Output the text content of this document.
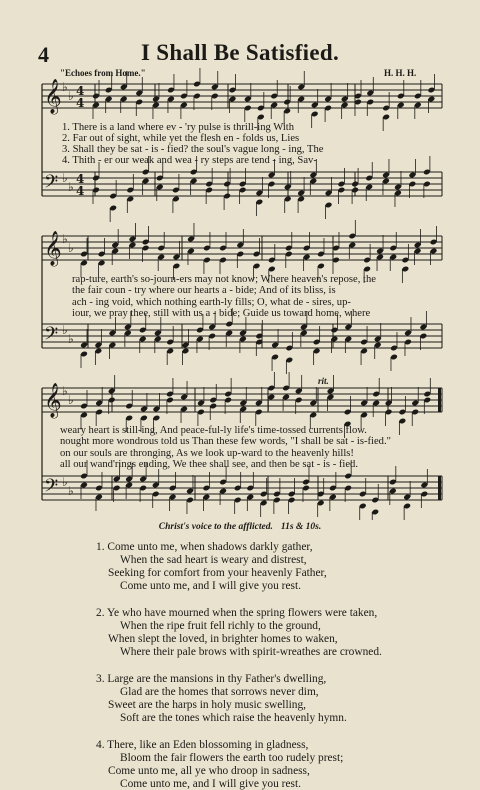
4	I Shall Be Satisfied.
"Echoes from Home."	H. H. H.
𝄞 ♭
♭ 4
4
𝄢 ♭
♭
4
4
𝄞 ♭
♭
𝄢 ♭
♭
𝄞 ♭
♭
𝄢 ♭
♭
1. There is a land where ev - 'ry pulse is thrill-ing With
2. Far out of sight, while yet the flesh en - folds us, Lies
3. Shall they be sat - is - fied? the soul's vague long - ing, The
4. Thith - er our weak and wea - ry steps are tend - ing, Sav-
rap-ture, earth's so-journ-ers may not know; Where heaven's repose, the
the fair coun - try where our hearts a - bide; And of its bliss, is
ach - ing void, which nothing earth-ly fills; O, what de - sires, up-
iour, we pray thee, still with us a - bide; Guide us toward home, where
rit.
weary heart is still-ing, And peace-ful-ly life's time-tossed currents flow.
nought more wondrous told us Than these few words, "I shall be sat - is-fied."
on our souls are thronging, As we look up-ward to the heavenly hills!
all our wand'rings ending, We thee shall see, and then be sat - is - fied.
Christ's voice to the afflicted. 11s & 10s.
1. Come unto me, when shadows darkly gather,
When the sad heart is weary and distrest,
Seeking for comfort from your heavenly Father,
Come unto me, and I will give you rest.
2. Ye who have mourned when the spring flowers were taken,
When the ripe fruit fell richly to the ground,
When slept the loved, in brighter homes to waken,
Where their pale brows with spirit-wreathes are crowned.
3. Large are the mansions in thy Father's dwelling,
Glad are the homes that sorrows never dim,
Sweet are the harps in holy music swelling,
Soft are the tones which raise the heavenly hymn.
4. There, like an Eden blossoming in gladness,
Bloom the fair flowers the earth too rudely prest;
Come unto me, all ye who droop in sadness,
Come unto me, and I will give you rest.
